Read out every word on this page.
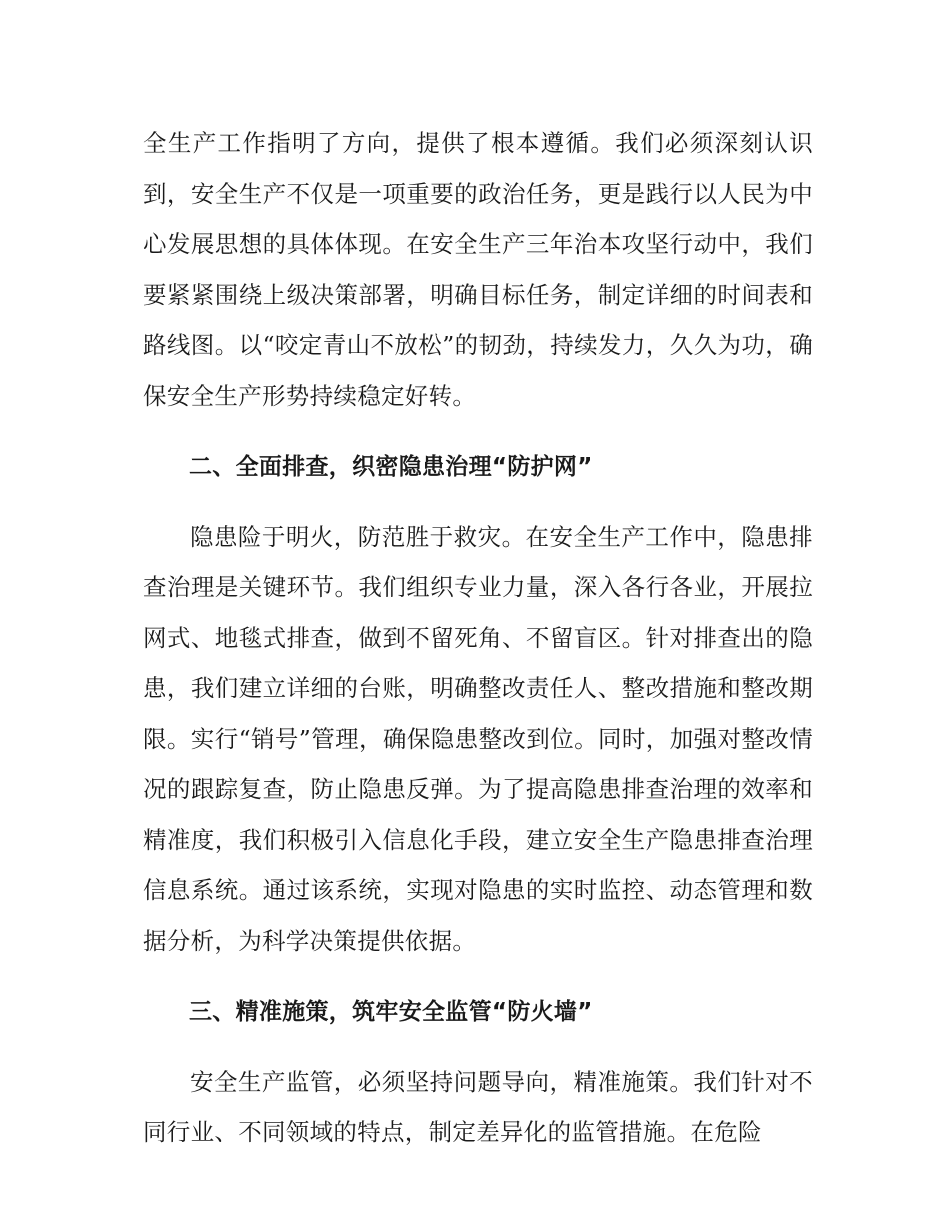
全生产工作指明了方向，提供了根本遵循。我们必须深刻认识到，安全生产不仅是一项重要的政治任务，更是践行以人民为中心发展思想的具体体现。在安全生产三年治本攻坚行动中，我们要紧紧围绕上级决策部署，明确目标任务，制定详细的时间表和路线图。以“咬定青山不放松”的韧劲，持续发力，久久为功，确保安全生产形势持续稳定好转。

二、全面排查，织密隐患治理“防护网”

隐患险于明火，防范胜于救灾。在安全生产工作中，隐患排查治理是关键环节。我们组织专业力量，深入各行各业，开展拉网式、地毯式排查，做到不留死角、不留盲区。针对排查出的隐患，我们建立详细的台账，明确整改责任人、整改措施和整改期限。实行“销号”管理，确保隐患整改到位。同时，加强对整改情况的跟踪复查，防止隐患反弹。为了提高隐患排查治理的效率和精准度，我们积极引入信息化手段，建立安全生产隐患排查治理信息系统。通过该系统，实现对隐患的实时监控、动态管理和数据分析，为科学决策提供依据。

三、精准施策，筑牢安全监管“防火墙”

安全生产监管，必须坚持问题导向，精准施策。我们针对不同行业、不同领域的特点，制定差异化的监管措施。在危险
